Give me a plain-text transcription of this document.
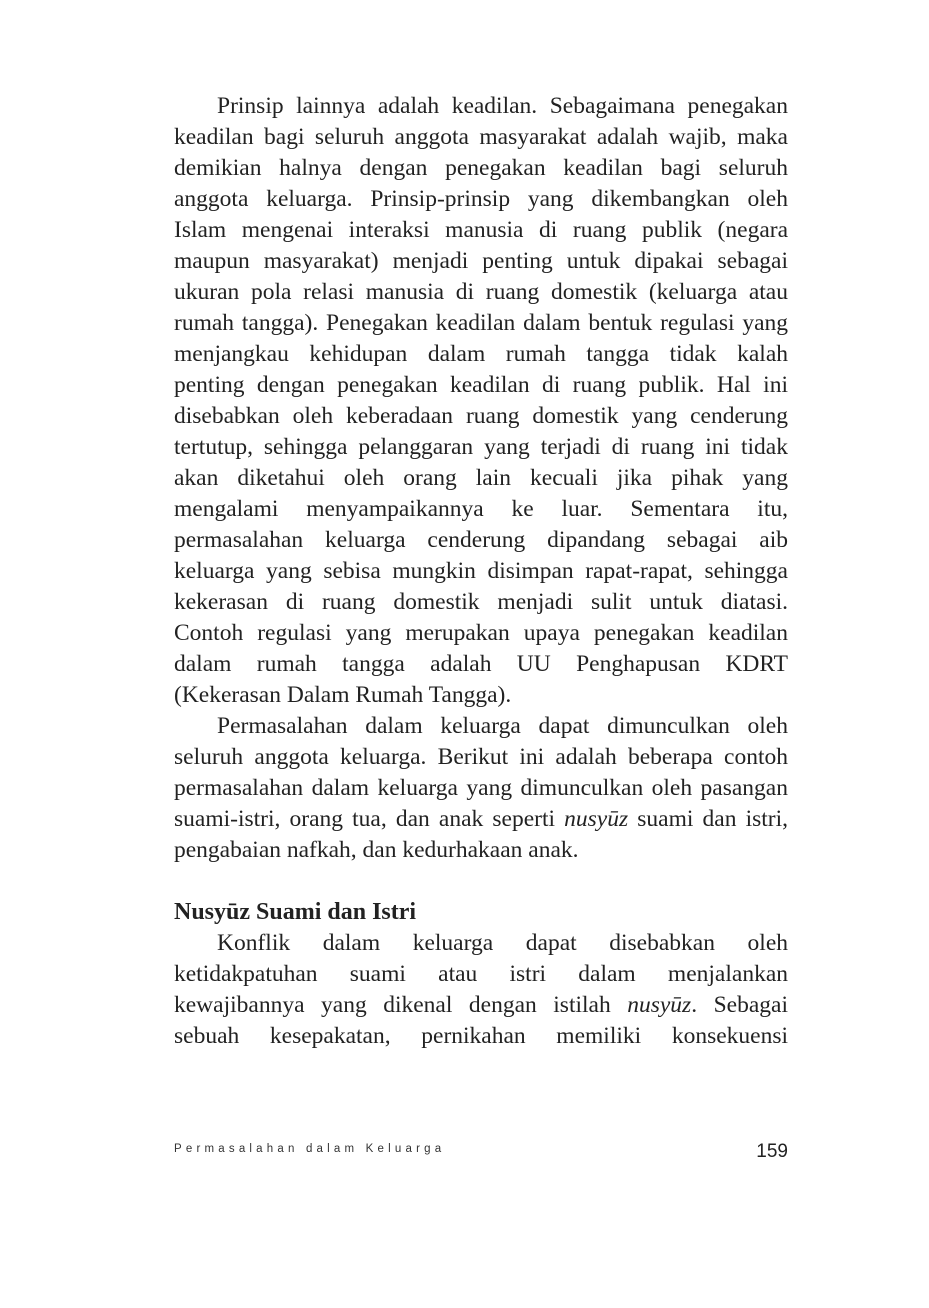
Prinsip lainnya adalah keadilan. Sebagaimana penegakan
keadilan bagi seluruh anggota masyarakat adalah wajib, maka
demikian halnya dengan penegakan keadilan bagi seluruh
anggota keluarga. Prinsip-prinsip yang dikembangkan oleh
Islam mengenai interaksi manusia di ruang publik (negara
maupun masyarakat) menjadi penting untuk dipakai sebagai
ukuran pola relasi manusia di ruang domestik (keluarga atau
rumah tangga). Penegakan keadilan dalam bentuk regulasi yang
menjangkau kehidupan dalam rumah tangga tidak kalah
penting dengan penegakan keadilan di ruang publik. Hal ini
disebabkan oleh keberadaan ruang domestik yang cenderung
tertutup, sehingga pelanggaran yang terjadi di ruang ini tidak
akan diketahui oleh orang lain kecuali jika pihak yang
mengalami menyampaikannya ke luar. Sementara itu,
permasalahan keluarga cenderung dipandang sebagai aib
keluarga yang sebisa mungkin disimpan rapat-rapat, sehingga
kekerasan di ruang domestik menjadi sulit untuk diatasi.
Contoh regulasi yang merupakan upaya penegakan keadilan
dalam rumah tangga adalah UU Penghapusan KDRT
(Kekerasan Dalam Rumah Tangga).
Permasalahan dalam keluarga dapat dimunculkan oleh
seluruh anggota keluarga. Berikut ini adalah beberapa contoh
permasalahan dalam keluarga yang dimunculkan oleh pasangan
suami-istri, orang tua, dan anak seperti nusyūz suami dan istri,
pengabaian nafkah, dan kedurhakaan anak.
Nusyūz Suami dan Istri
Konflik dalam keluarga dapat disebabkan oleh
ketidakpatuhan suami atau istri dalam menjalankan
kewajibannya yang dikenal dengan istilah nusyūz. Sebagai
sebuah kesepakatan, pernikahan memiliki konsekuensi
Permasalahan dalam Keluarga	159
